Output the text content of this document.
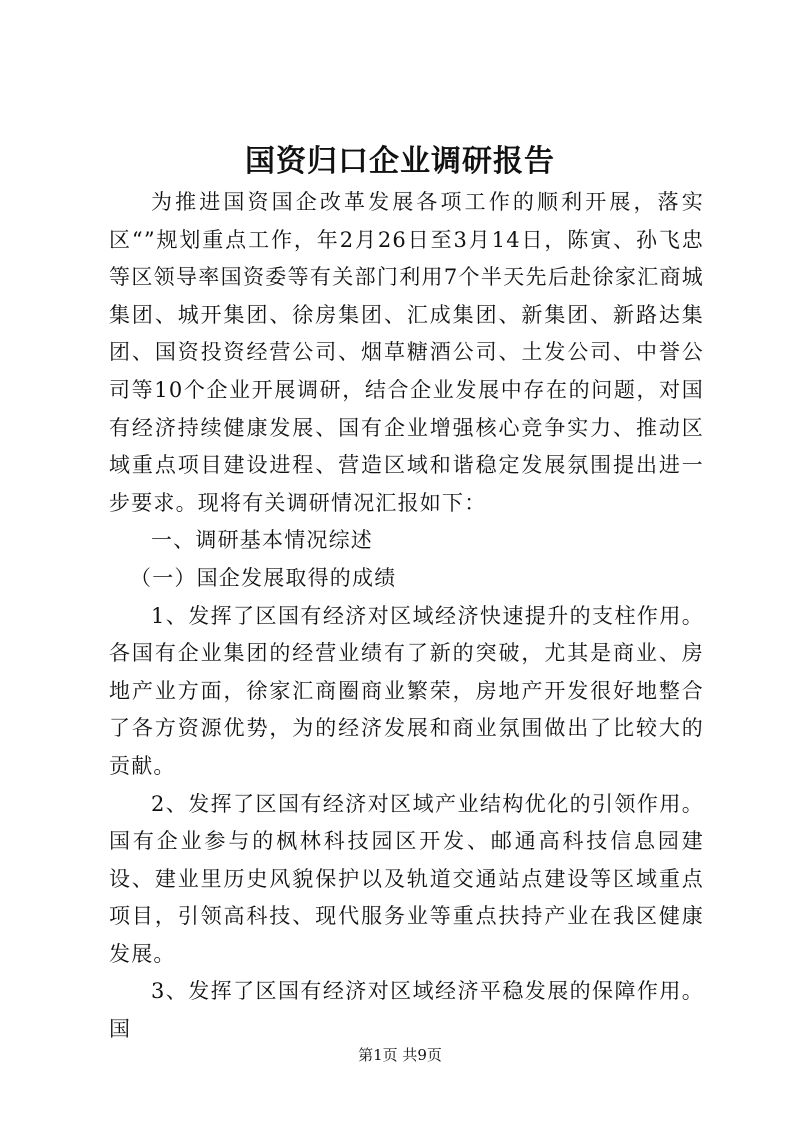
国资归口企业调研报告

为推进国资国企改革发展各项工作的顺利开展，落实区“”规划重点工作，年2月26日至3月14日，陈寅、孙飞忠等区领导率国资委等有关部门利用7个半天先后赴徐家汇商城集团、城开集团、徐房集团、汇成集团、新集团、新路达集团、国资投资经营公司、烟草糖酒公司、土发公司、中誉公司等10个企业开展调研，结合企业发展中存在的问题，对国有经济持续健康发展、国有企业增强核心竞争实力、推动区域重点项目建设进程、营造区域和谐稳定发展氛围提出进一步要求。现将有关调研情况汇报如下：

一、调研基本情况综述

（一）国企发展取得的成绩

1、发挥了区国有经济对区域经济快速提升的支柱作用。各国有企业集团的经营业绩有了新的突破，尤其是商业、房地产业方面，徐家汇商圈商业繁荣，房地产开发很好地整合了各方资源优势，为的经济发展和商业氛围做出了比较大的贡献。

2、发挥了区国有经济对区域产业结构优化的引领作用。国有企业参与的枫林科技园区开发、邮通高科技信息园建设、建业里历史风貌保护以及轨道交通站点建设等区域重点项目，引领高科技、现代服务业等重点扶持产业在我区健康发展。

3、发挥了区国有经济对区域经济平稳发展的保障作用。国

第1页 共9页
